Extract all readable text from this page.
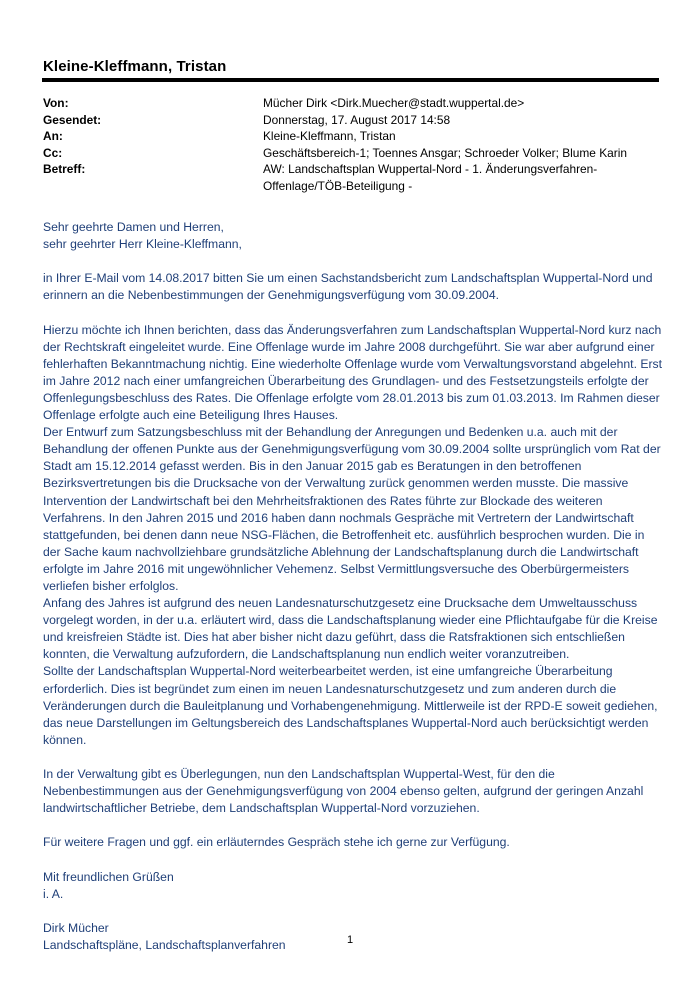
Kleine-Kleffmann, Tristan
Von:	Mücher Dirk <Dirk.Muecher@stadt.wuppertal.de>
Gesendet:	Donnerstag, 17. August 2017 14:58
An:	Kleine-Kleffmann, Tristan
Cc:	Geschäftsbereich-1; Toennes Ansgar; Schroeder Volker; Blume Karin
Betreff:	AW: Landschaftsplan Wuppertal-Nord - 1. Änderungsverfahren-Offenlage/TÖB-Beteiligung -

Sehr geehrte Damen und Herren,

sehr geehrter Herr Kleine-Kleffmann,

in Ihrer E-Mail vom 14.08.2017 bitten Sie um einen Sachstandsbericht zum Landschaftsplan Wuppertal-Nord und erinnern an die Nebenbestimmungen der Genehmigungsverfügung vom 30.09.2004.

Hierzu möchte ich Ihnen berichten, dass das Änderungsverfahren zum Landschaftsplan Wuppertal-Nord kurz nach der Rechtskraft eingeleitet wurde. Eine Offenlage wurde im Jahre 2008 durchgeführt. Sie war aber aufgrund einer fehlerhaften Bekanntmachung nichtig. Eine wiederholte Offenlage wurde vom Verwaltungsvorstand abgelehnt. Erst im Jahre 2012 nach einer umfangreichen Überarbeitung des Grundlagen- und des Festsetzungsteils erfolgte der Offenlegungsbeschluss des Rates. Die Offenlage erfolgte vom 28.01.2013 bis zum 01.03.2013. Im Rahmen dieser Offenlage erfolgte auch eine Beteiligung Ihres Hauses.

Der Entwurf zum Satzungsbeschluss mit der Behandlung der Anregungen und Bedenken u.a. auch mit der Behandlung der offenen Punkte aus der Genehmigungsverfügung vom 30.09.2004 sollte ursprünglich vom Rat der Stadt am 15.12.2014 gefasst werden. Bis in den Januar 2015 gab es Beratungen in den betroffenen Bezirksvertretungen bis die Drucksache von der Verwaltung zurück genommen werden musste. Die massive Intervention der Landwirtschaft bei den Mehrheitsfraktionen des Rates führte zur Blockade des weiteren Verfahrens. In den Jahren 2015 und 2016 haben dann nochmals Gespräche mit Vertretern der Landwirtschaft stattgefunden, bei denen dann neue NSG-Flächen, die Betroffenheit etc. ausführlich besprochen wurden. Die in der Sache kaum nachvollziehbare grundsätzliche Ablehnung der Landschaftsplanung durch die Landwirtschaft erfolgte im Jahre 2016 mit ungewöhnlicher Vehemenz. Selbst Vermittlungsversuche des Oberbürgermeisters verliefen bisher erfolglos.

Anfang des Jahres ist aufgrund des neuen Landesnaturschutzgesetz eine Drucksache dem Umweltausschuss vorgelegt worden, in der u.a. erläutert wird, dass die Landschaftsplanung wieder eine Pflichtaufgabe für die Kreise und kreisfreien Städte ist. Dies hat aber bisher nicht dazu geführt, dass die Ratsfraktionen sich entschließen konnten, die Verwaltung aufzufordern, die Landschaftsplanung nun endlich weiter voranzutreiben.

Sollte der Landschaftsplan Wuppertal-Nord weiterbearbeitet werden, ist eine umfangreiche Überarbeitung erforderlich. Dies ist begründet zum einen im neuen Landesnaturschutzgesetz und zum anderen durch die Veränderungen durch die Bauleitplanung und Vorhabengenehmigung. Mittlerweile ist der RPD-E soweit gediehen, das neue Darstellungen im Geltungsbereich des Landschaftsplanes Wuppertal-Nord auch berücksichtigt werden können.

In der Verwaltung gibt es Überlegungen, nun den Landschaftsplan Wuppertal-West, für den die Nebenbestimmungen aus der Genehmigungsverfügung von 2004 ebenso gelten, aufgrund der geringen Anzahl landwirtschaftlicher Betriebe, dem Landschaftsplan Wuppertal-Nord vorzuziehen.

Für weitere Fragen und ggf. ein erläuterndes Gespräch stehe ich gerne zur Verfügung.

Mit freundlichen Grüßen

i. A.

Dirk Mücher

Landschaftspläne, Landschaftsplanverfahren	1
